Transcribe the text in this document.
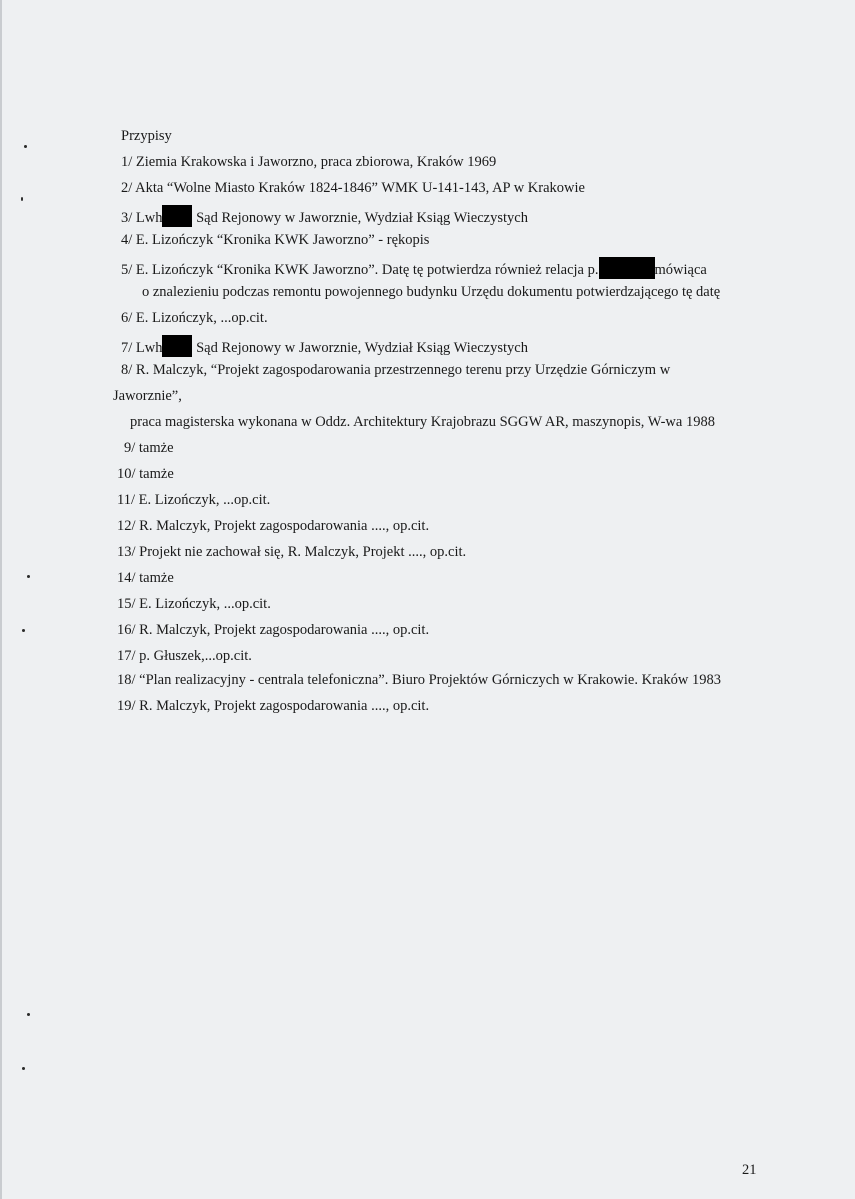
Przypisy
1/ Ziemia Krakowska i Jaworzno, praca zbiorowa, Kraków 1969
2/ Akta “Wolne Miasto Kraków 1824-1846” WMK U-141-143, AP w Krakowie
3/ Lwh Sąd Rejonowy w Jaworznie, Wydział Ksiąg Wieczystych
4/ E. Lizończyk “Kronika KWK Jaworzno” - rękopis
5/ E. Lizończyk “Kronika KWK Jaworzno”. Datę tę potwierdza również relacja p.	mówiąca
o znalezieniu podczas remontu powojennego budynku Urzędu dokumentu potwierdzającego tę datę
6/ E. Lizończyk, ...op.cit.
7/ Lwh Sąd Rejonowy w Jaworznie, Wydział Ksiąg Wieczystych
8/ R. Malczyk, “Projekt zagospodarowania przestrzennego terenu przy Urzędzie Górniczym w
Jaworznie”,
praca magisterska wykonana w Oddz. Architektury Krajobrazu SGGW AR, maszynopis, W-wa 1988
9/ tamże
10/ tamże
11/ E. Lizończyk, ...op.cit.
12/ R. Malczyk, Projekt zagospodarowania ...., op.cit.
13/ Projekt nie zachował się, R. Malczyk, Projekt ...., op.cit.
14/ tamże
15/ E. Lizończyk, ...op.cit.
16/ R. Malczyk, Projekt zagospodarowania ...., op.cit.
17/ p. Głuszek,...op.cit.
18/ “Plan realizacyjny - centrala telefoniczna”. Biuro Projektów Górniczych w Krakowie. Kraków 1983
19/ R. Malczyk, Projekt zagospodarowania ...., op.cit.
21
